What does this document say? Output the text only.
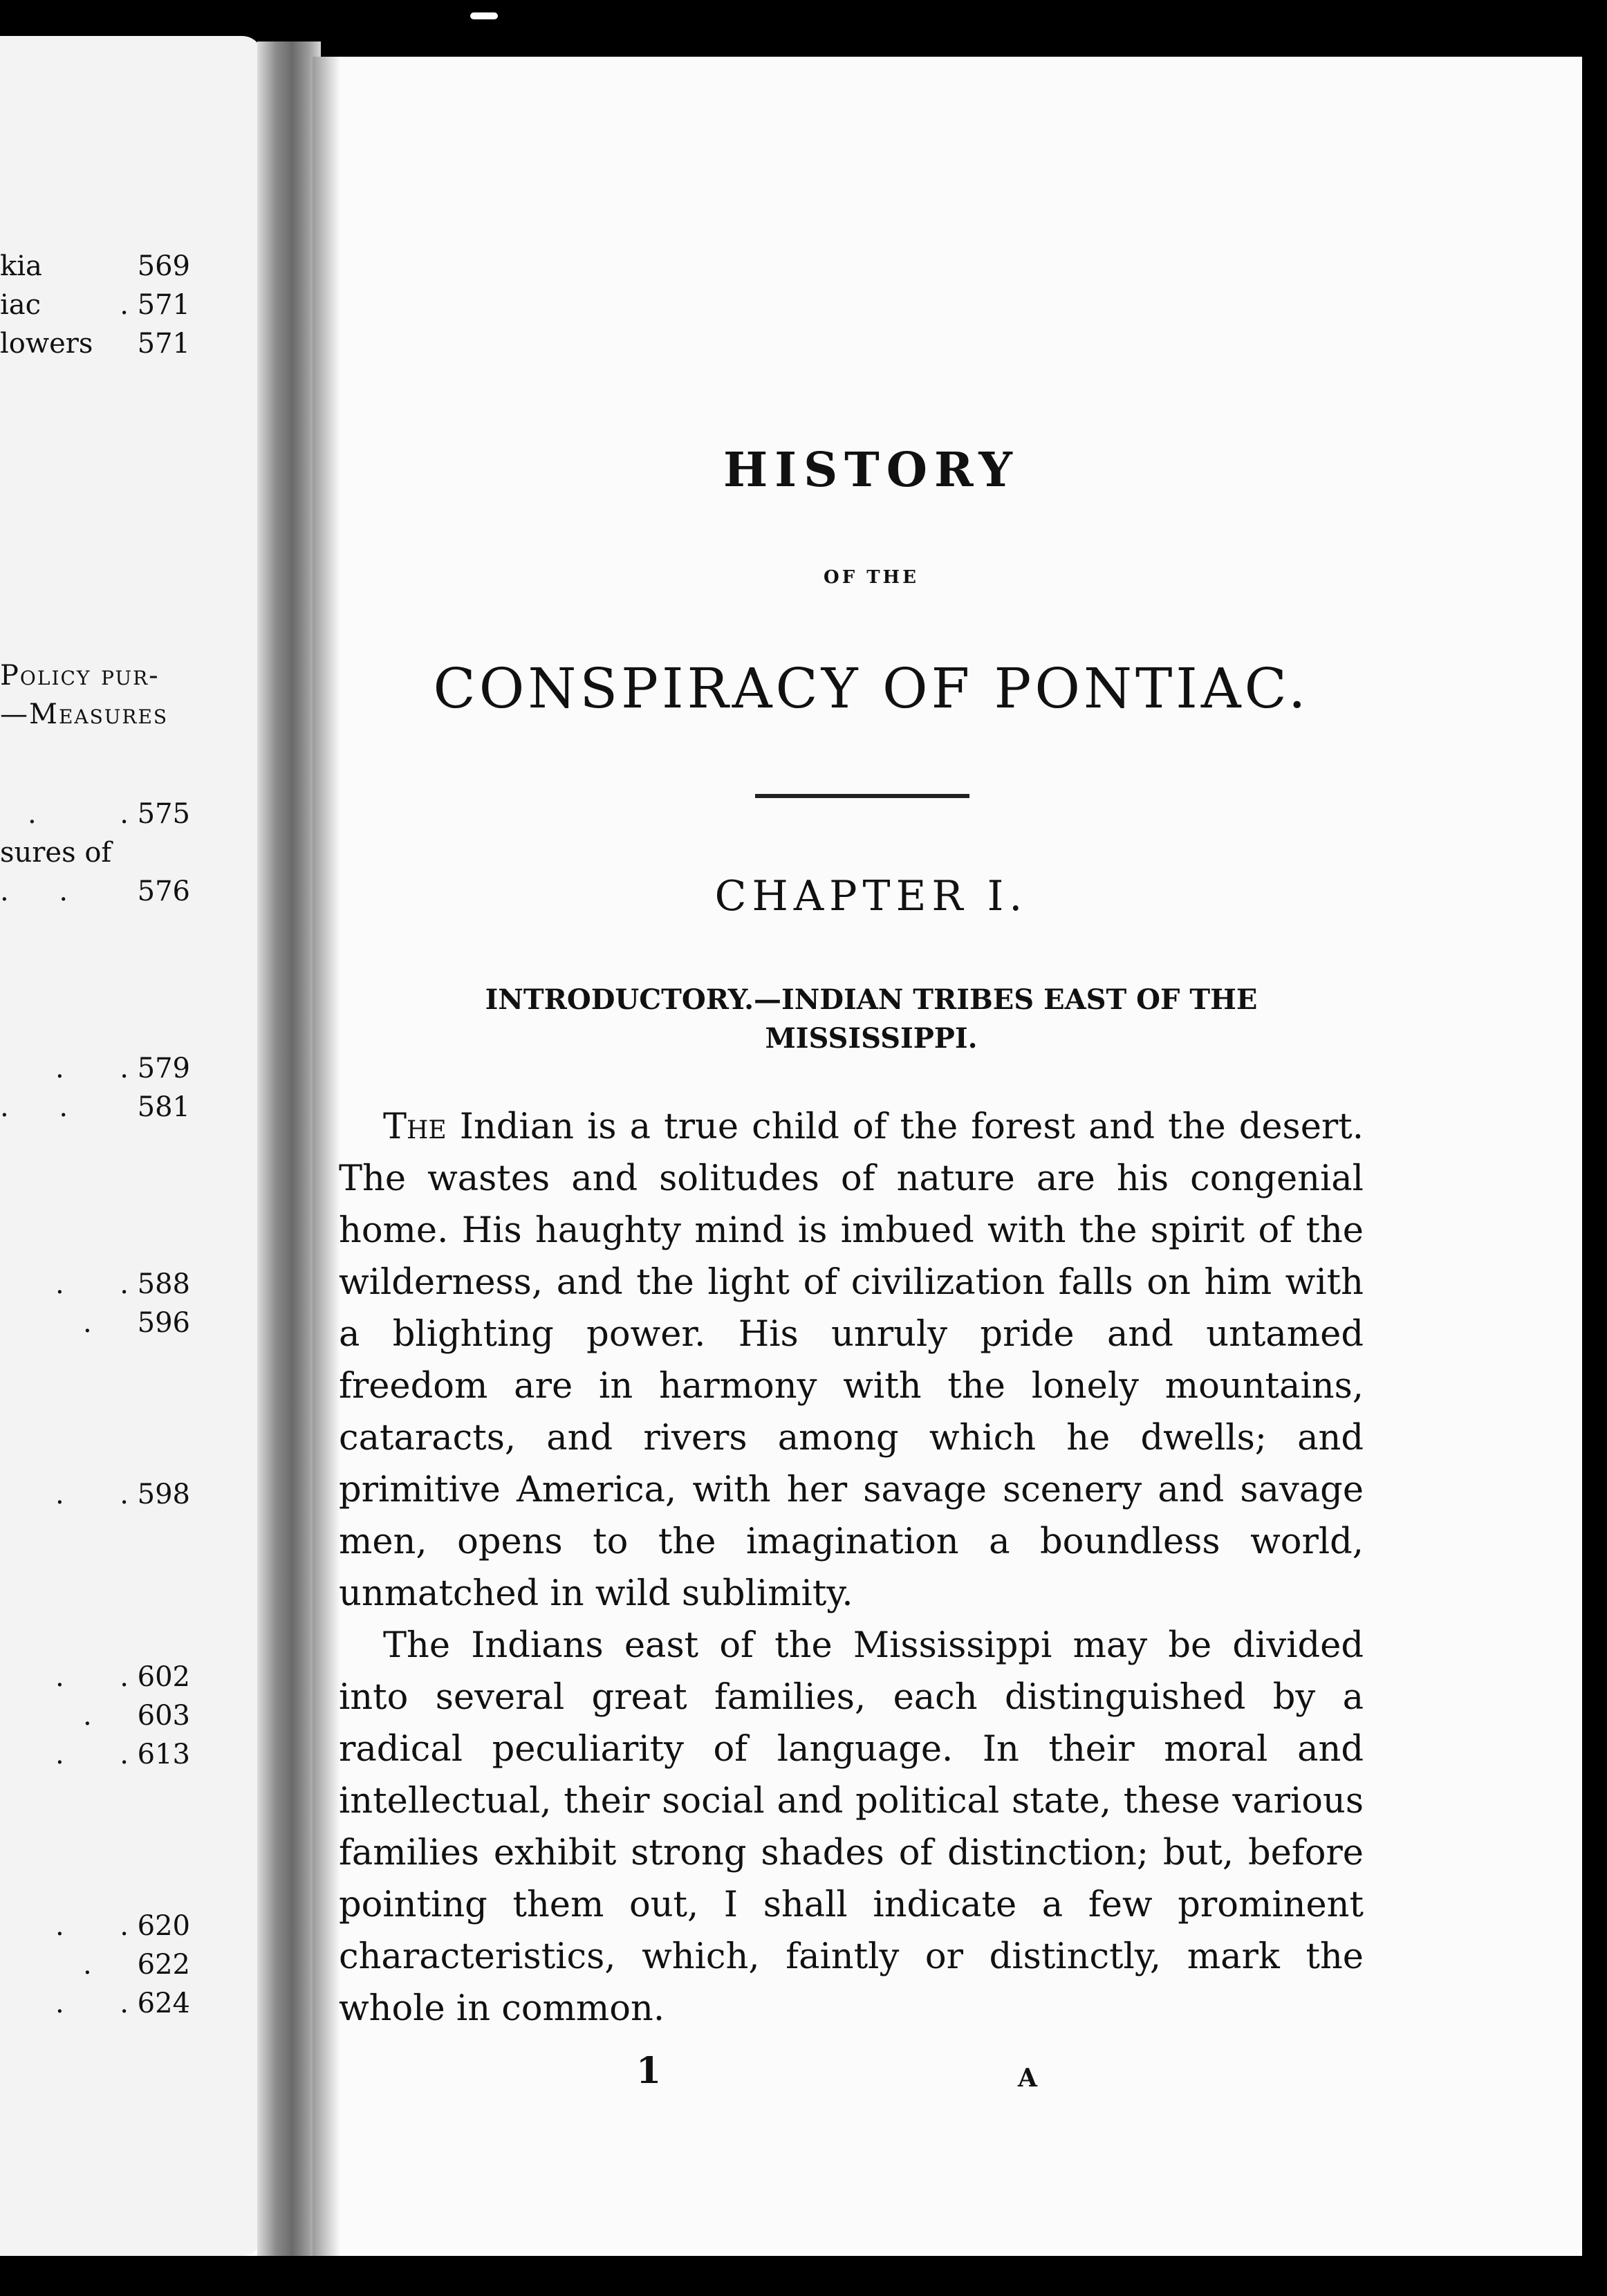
kia	569
iac	. 571
lowers 571
Policy pur-
—Measures
. . 575
sures of
. . 576
. . 579
. . 581
. . 588
. 596
. . 598
. . 602
. 603
. . 613
. . 620
. 622
. . 624
HISTORY
OF THE
CONSPIRACY OF PONTIAC.
CHAPTER I.
INTRODUCTORY.—INDIAN TRIBES EAST OF THE MISSISSIPPI.

The Indian is a true child of the forest and the desert. The wastes and solitudes of nature are his congenial home. His haughty mind is imbued with the spirit of the wilderness, and the light of civilization falls on him with a blighting power. His unruly pride and untamed freedom are in harmony with the lonely mountains, cataracts, and rivers among which he dwells; and primitive America, with her savage scenery and savage men, opens to the imagination a boundless world, unmatched in wild sublimity.

The Indians east of the Mississippi may be divided into several great families, each distinguished by a radical peculiarity of language. In their moral and intellectual, their social and political state, these various families exhibit strong shades of distinction; but, before pointing them out, I shall indicate a few prominent characteristics, which, faintly or distinctly, mark the whole in common.

1	A
